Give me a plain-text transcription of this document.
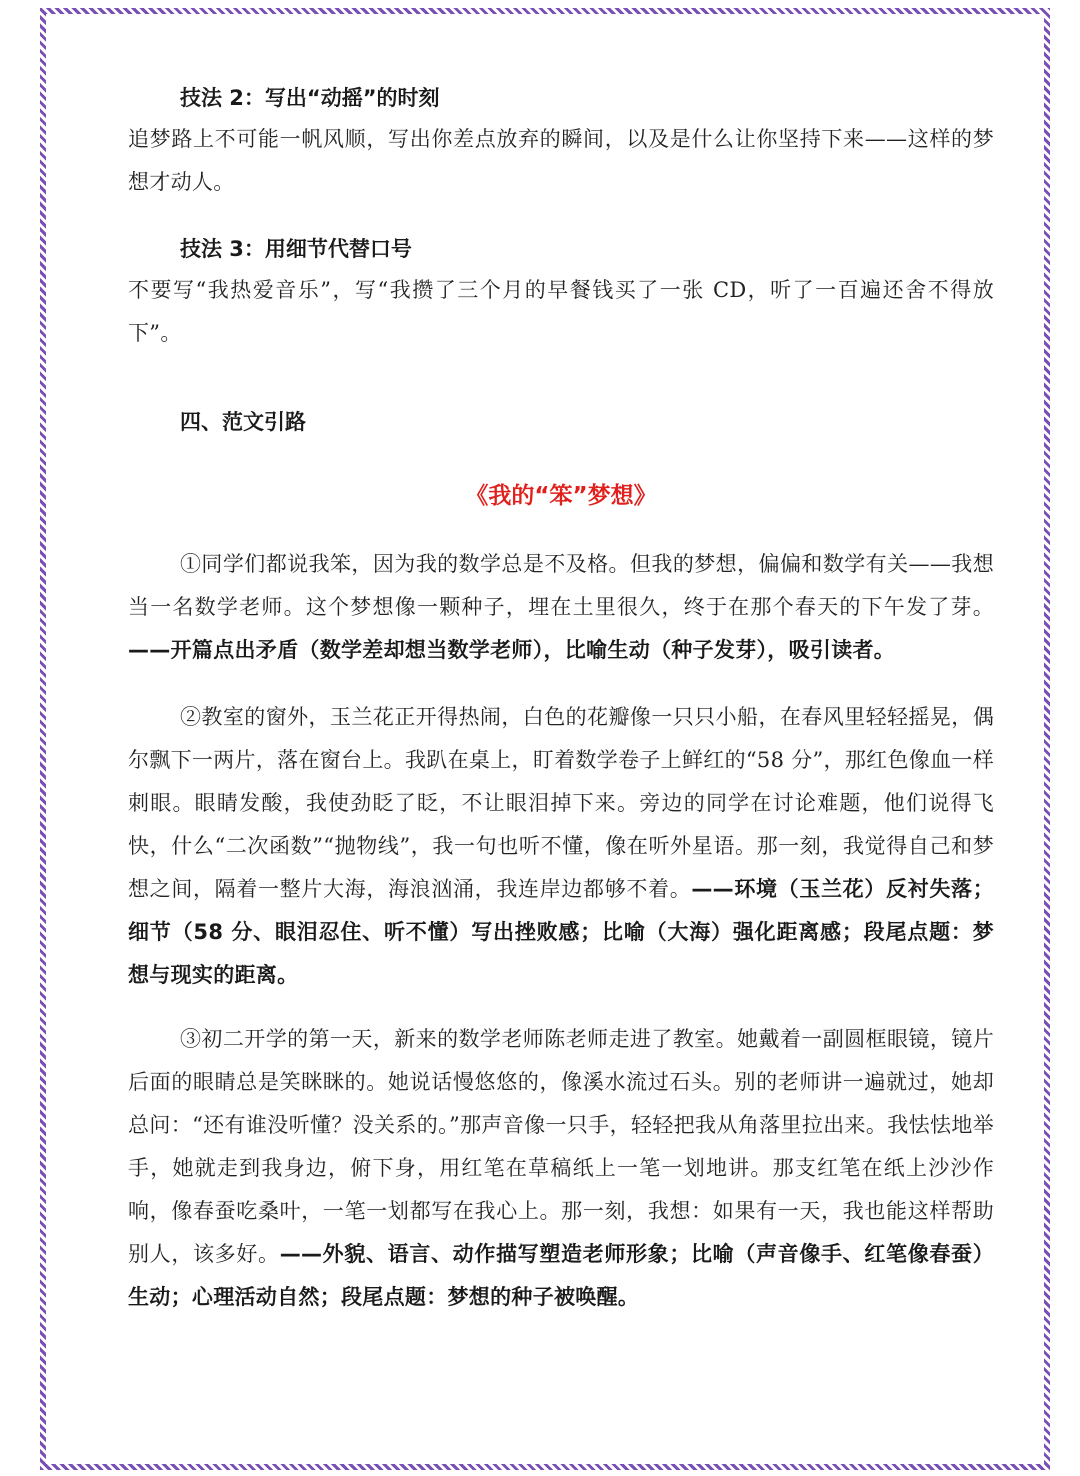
技法 2：写出“动摇”的时刻
追梦路上不可能一帆风顺，写出你差点放弃的瞬间，以及是什么让你坚持下来——这样的梦想才动人。
技法 3：用细节代替口号
不要写“我热爱音乐”，写“我攒了三个月的早餐钱买了一张 CD，听了一百遍还舍不得放下”。
四、范文引路
《我的“笨”梦想》
①同学们都说我笨，因为我的数学总是不及格。但我的梦想，偏偏和数学有关——我想当一名数学老师。这个梦想像一颗种子，埋在土里很久，终于在那个春天的下午发了芽。——开篇点出矛盾（数学差却想当数学老师），比喻生动（种子发芽），吸引读者。
②教室的窗外，玉兰花正开得热闹，白色的花瓣像一只只小船，在春风里轻轻摇晃，偶尔飘下一两片，落在窗台上。我趴在桌上，盯着数学卷子上鲜红的“58 分”，那红色像血一样刺眼。眼睛发酸，我使劲眨了眨，不让眼泪掉下来。旁边的同学在讨论难题，他们说得飞快，什么“二次函数”“抛物线”，我一句也听不懂，像在听外星语。那一刻，我觉得自己和梦想之间，隔着一整片大海，海浪汹涌，我连岸边都够不着。——环境（玉兰花）反衬失落；细节（58 分、眼泪忍住、听不懂）写出挫败感；比喻（大海）强化距离感；段尾点题：梦想与现实的距离。
③初二开学的第一天，新来的数学老师陈老师走进了教室。她戴着一副圆框眼镜，镜片后面的眼睛总是笑眯眯的。她说话慢悠悠的，像溪水流过石头。别的老师讲一遍就过，她却总问：“还有谁没听懂？没关系的。”那声音像一只手，轻轻把我从角落里拉出来。我怯怯地举手，她就走到我身边，俯下身，用红笔在草稿纸上一笔一划地讲。那支红笔在纸上沙沙作响，像春蚕吃桑叶，一笔一划都写在我心上。那一刻，我想：如果有一天，我也能这样帮助别人，该多好。——外貌、语言、动作描写塑造老师形象；比喻（声音像手、红笔像春蚕）生动；心理活动自然；段尾点题：梦想的种子被唤醒。
